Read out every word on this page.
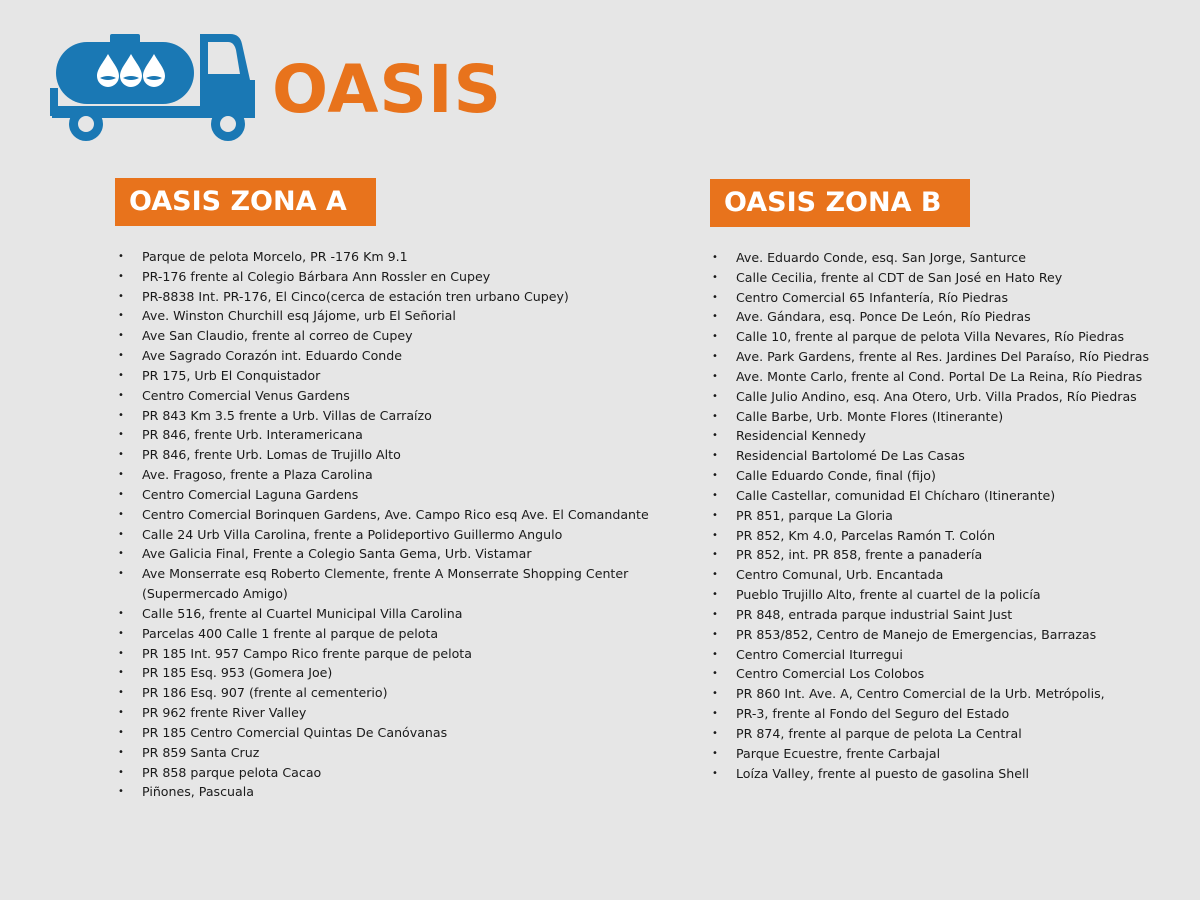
OASIS
OASIS ZONA A
• Parque de pelota Morcelo, PR -176 Km 9.1
• PR-176 frente al Colegio Bárbara Ann Rossler en Cupey
• PR-8838 Int. PR-176, El Cinco(cerca de estación tren urbano Cupey)
• Ave. Winston Churchill esq Jájome, urb El Señorial
• Ave San Claudio, frente al correo de Cupey
• Ave Sagrado Corazón int. Eduardo Conde
• PR 175, Urb El Conquistador
• Centro Comercial Venus Gardens
• PR 843 Km 3.5 frente a Urb. Villas de Carraízo
• PR 846, frente Urb. Interamericana
• PR 846, frente Urb. Lomas de Trujillo Alto
• Ave. Fragoso, frente a Plaza Carolina
• Centro Comercial Laguna Gardens
• Centro Comercial Borinquen Gardens, Ave. Campo Rico esq Ave. El Comandante
• Calle 24 Urb Villa Carolina, frente a Polideportivo Guillermo Angulo
• Ave Galicia Final, Frente a Colegio Santa Gema, Urb. Vistamar
• Ave Monserrate esq Roberto Clemente, frente A Monserrate Shopping Center (Supermercado Amigo)
• Calle 516, frente al Cuartel Municipal Villa Carolina
• Parcelas 400 Calle 1 frente al parque de pelota
• PR 185 Int. 957 Campo Rico frente parque de pelota
• PR 185 Esq. 953 (Gomera Joe)
• PR 186 Esq. 907 (frente al cementerio)
• PR 962 frente River Valley
• PR 185 Centro Comercial Quintas De Canóvanas
• PR 859 Santa Cruz
• PR 858 parque pelota Cacao
• Piñones, Pascuala
OASIS ZONA B
• Ave. Eduardo Conde, esq. San Jorge, Santurce
• Calle Cecilia, frente al CDT de San José en Hato Rey
• Centro Comercial 65 Infantería, Río Piedras
• Ave. Gándara, esq. Ponce De León, Río Piedras
• Calle 10, frente al parque de pelota Villa Nevares, Río Piedras
• Ave. Park Gardens, frente al Res. Jardines Del Paraíso, Río Piedras
• Ave. Monte Carlo, frente al Cond. Portal De La Reina, Río Piedras
• Calle Julio Andino, esq. Ana Otero, Urb. Villa Prados, Río Piedras
• Calle Barbe, Urb. Monte Flores (Itinerante)
• Residencial Kennedy
• Residencial Bartolomé De Las Casas
• Calle Eduardo Conde, final (fijo)
• Calle Castellar, comunidad El Chícharo (Itinerante)
• PR 851, parque La Gloria
• PR 852, Km 4.0, Parcelas Ramón T. Colón
• PR 852, int. PR 858, frente a panadería
• Centro Comunal, Urb. Encantada
• Pueblo Trujillo Alto, frente al cuartel de la policía
• PR 848, entrada parque industrial Saint Just
• PR 853/852, Centro de Manejo de Emergencias, Barrazas
• Centro Comercial Iturregui
• Centro Comercial Los Colobos
• PR 860 Int. Ave. A, Centro Comercial de la Urb. Metrópolis,
• PR-3, frente al Fondo del Seguro del Estado
• PR 874, frente al parque de pelota La Central
• Parque Ecuestre, frente Carbajal
• Loíza Valley, frente al puesto de gasolina Shell
